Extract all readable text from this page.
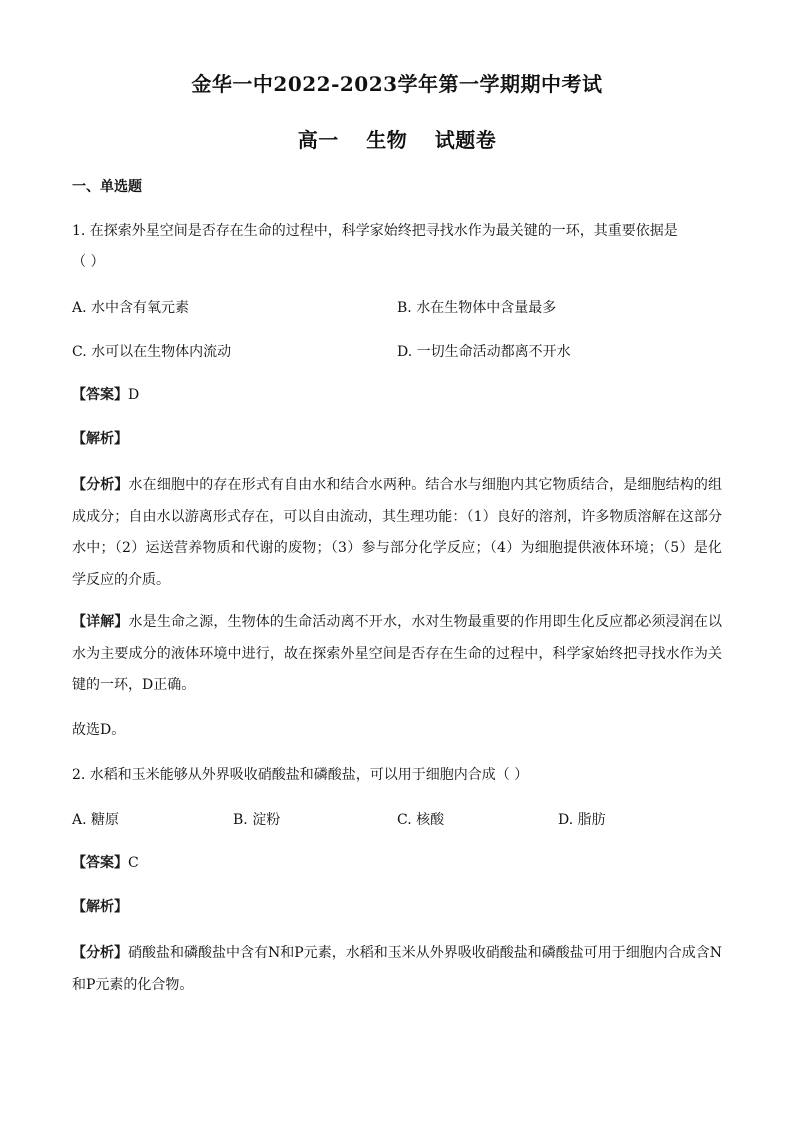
金华一中2022-2023学年第一学期期中考试
高一 生物 试题卷
一、单选题
1. 在探索外星空间是否存在生命的过程中，科学家始终把寻找水作为最关键的一环，其重要依据是
（ ）
A. 水中含有氧元素	B. 水在生物体中含量最多
C. 水可以在生物体内流动	D. 一切生命活动都离不开水
【答案】D
【解析】
【分析】水在细胞中的存在形式有自由水和结合水两种。结合水与细胞内其它物质结合，是细胞结构的组成成分；自由水以游离形式存在，可以自由流动，其生理功能：（1）良好的溶剂，许多物质溶解在这部分水中；（2）运送营养物质和代谢的废物；（3）参与部分化学反应；（4）为细胞提供液体环境；（5）是化学反应的介质。
【详解】水是生命之源，生物体的生命活动离不开水，水对生物最重要的作用即生化反应都必须浸润在以水为主要成分的液体环境中进行，故在探索外星空间是否存在生命的过程中，科学家始终把寻找水作为关键的一环，D正确。
故选D。
2. 水稻和玉米能够从外界吸收硝酸盐和磷酸盐，可以用于细胞内合成（ ）
A. 糖原	B. 淀粉	C. 核酸	D. 脂肪
【答案】C
【解析】
【分析】硝酸盐和磷酸盐中含有N和P元素，水稻和玉米从外界吸收硝酸盐和磷酸盐可用于细胞内合成含N和P元素的化合物。
